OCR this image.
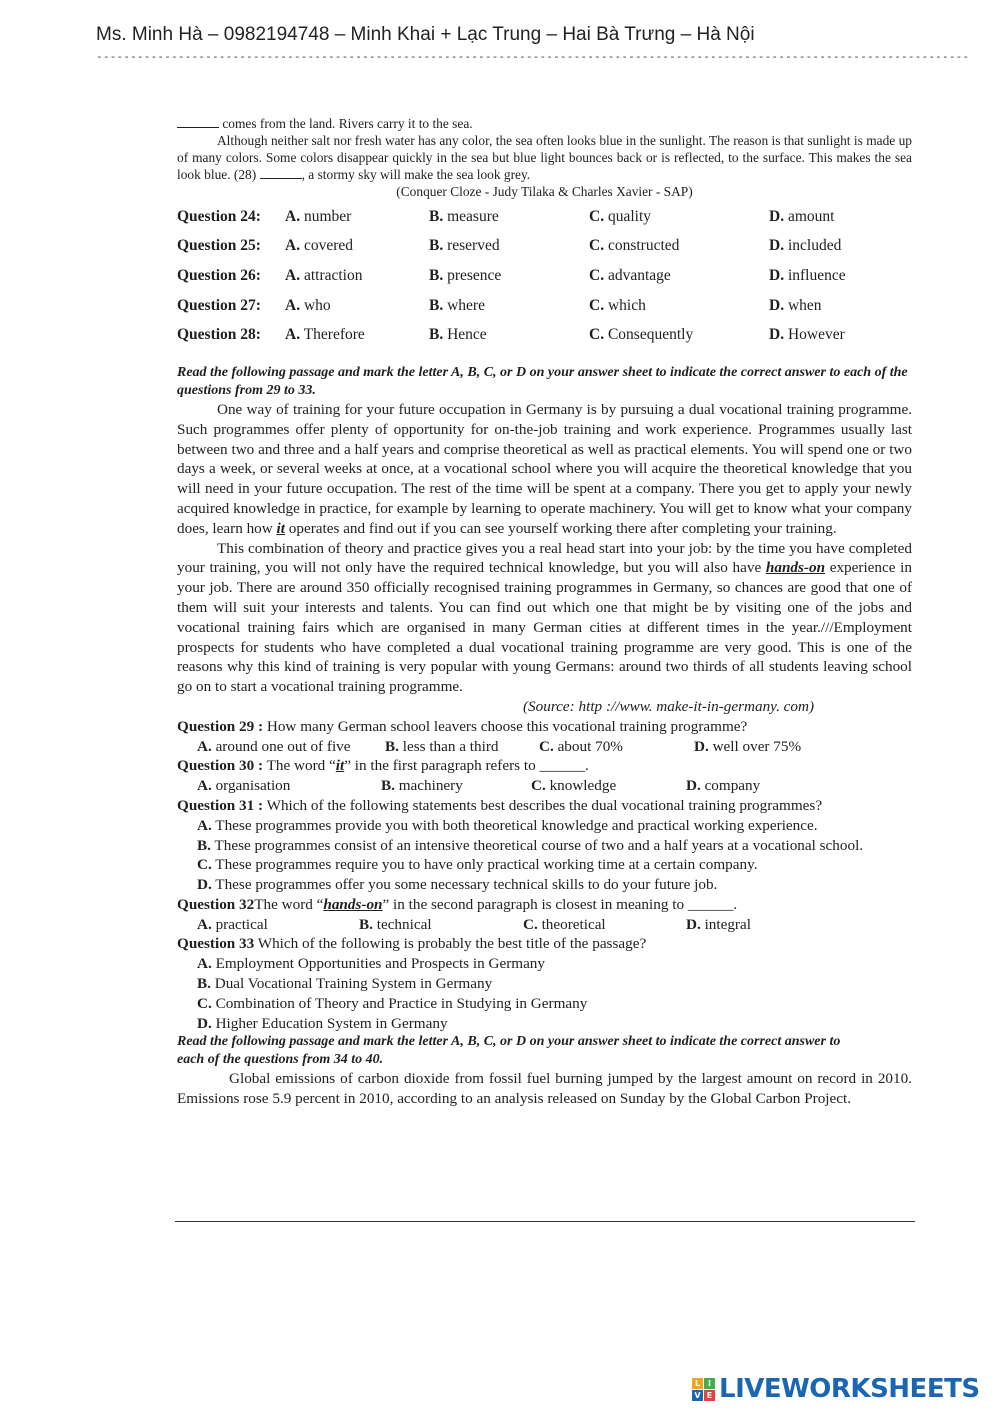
Ms. Minh Hà – 0982194748 – Minh Khai + Lạc Trung – Hai Bà Trưng – Hà Nội
--------------------------------------------------------------------------------------------------------------------------------

comes from the land. Rivers carry it to the sea.

Although neither salt nor fresh water has any color, the sea often looks blue in the sunlight. The reason is that sunlight is made up of many colors. Some colors disappear quickly in the sea but blue light bounces back or is reflected, to the surface. This makes the sea look blue. (28)	, a stormy sky will make the sea look grey.

(Conquer Cloze - Judy Tilaka & Charles Xavier - SAP)

Question 24:	A. number	B. measure	C. quality	D. amount
Question 25:	A. covered	B. reserved	C. constructed	D. included
Question 26:	A. attraction	B. presence	C. advantage	D. influence
Question 27:	A. who	B. where	C. which	D. when
Question 28:	A. Therefore	B. Hence	C. Consequently	D. However

Read the following passage and mark the letter A, B, C, or D on your answer sheet to indicate the correct answer to each of the questions from 29 to 33.

One way of training for your future occupation in Germany is by pursuing a dual vocational training programme. Such programmes offer plenty of opportunity for on-the-job training and work experience. Programmes usually last between two and three and a half years and comprise theoretical as well as practical elements. You will spend one or two days a week, or several weeks at once, at a vocational school where you will acquire the theoretical knowledge that you will need in your future occupation. The rest of the time will be spent at a company. There you get to apply your newly acquired knowledge in practice, for example by learning to operate machinery. You will get to know what your company does, learn how it operates and find out if you can see yourself working there after completing your training.

This combination of theory and practice gives you a real head start into your job: by the time you have completed your training, you will not only have the required technical knowledge, but you will also have hands-on experience in your job. There are around 350 officially recognised training programmes in Germany, so chances are good that one of them will suit your interests and talents. You can find out which one that might be by visiting one of the jobs and vocational training fairs which are organised in many German cities at different times in the year.///Employment prospects for students who have completed a dual vocational training programme are very good. This is one of the reasons why this kind of training is very popular with young Germans: around two thirds of all students leaving school go on to start a vocational training programme.

(Source: http ://www. make-it-in-germany. com)

Question 29 : How many German school leavers choose this vocational training programme?

A. around one out of five B. less than a third	C. about 70%	D. well over 75%

Question 30 : The word “it” in the first paragraph refers to ______.

A. organisation	B. machinery	C. knowledge	D. company

Question 31 : Which of the following statements best describes the dual vocational training programmes?

A. These programmes provide you with both theoretical knowledge and practical working experience.

B. These programmes consist of an intensive theoretical course of two and a half years at a vocational school.

C. These programmes require you to have only practical working time at a certain company.

D. These programmes offer you some necessary technical skills to do your future job.

Question 32The word “hands-on” in the second paragraph is closest in meaning to ______.

A. practical	B. technical	C. theoretical	D. integral

Question 33 Which of the following is probably the best title of the passage?

A. Employment Opportunities and Prospects in Germany

B. Dual Vocational Training System in Germany

C. Combination of Theory and Practice in Studying in Germany

D. Higher Education System in Germany

Read the following passage and mark the letter A, B, C, or D on your answer sheet to indicate the correct answer to each of the questions from 34 to 40.

Global emissions of carbon dioxide from fossil fuel burning jumped by the largest amount on record in 2010. Emissions rose 5.9 percent in 2010, according to an analysis released on Sunday by the Global Carbon Project.

L I
V E LIVEWORKSHEETS
